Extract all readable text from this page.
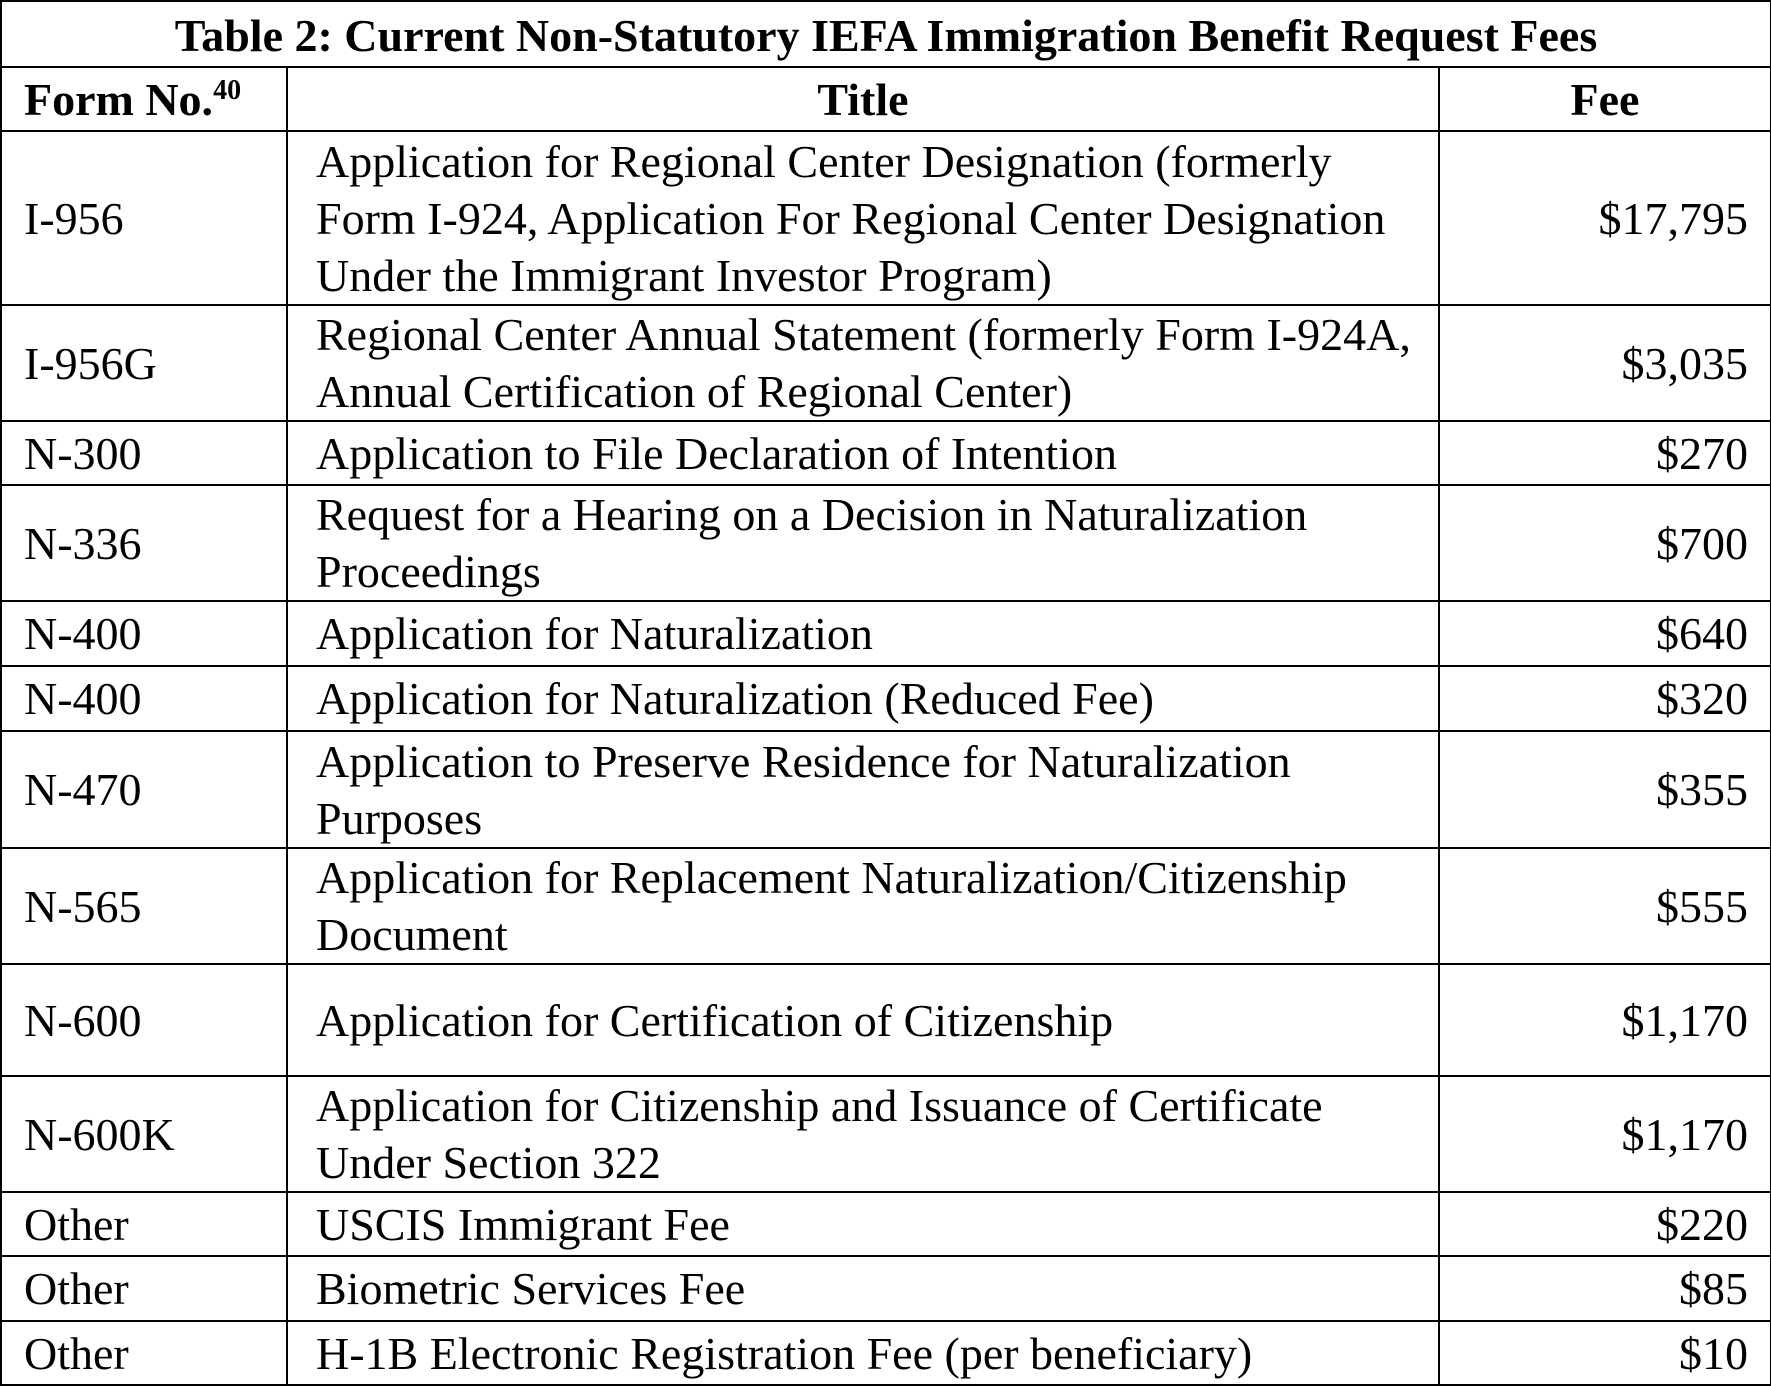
Table 2: Current Non-Statutory IEFA Immigration Benefit Request Fees		
Form No.$^{40}$	Title	Fee
I-956	Application for Regional Center Designation (formerly Form I-924, Application For Regional Center Designation Under the Immigrant Investor Program)	$17,795
I-956G	Regional Center Annual Statement (formerly Form I-924A, Annual Certification of Regional Center)	$3,035
N-300	Application to File Declaration of Intention	$270
N-336	Request for a Hearing on a Decision in Naturalization Proceedings	$700
N-400	Application for Naturalization	$640
N-400	Application for Naturalization (Reduced Fee)	$320
N-470	Application to Preserve Residence for Naturalization Purposes	$355
N-565	Application for Replacement Naturalization/Citizenship Document	$555
N-600	Application for Certification of Citizenship	$1,170
N-600K	Application for Citizenship and Issuance of Certificate Under Section 322	$1,170
Other	USCIS Immigrant Fee	$220
Other	Biometric Services Fee	$85
Other	H-1B Electronic Registration Fee (per beneficiary)	$10
